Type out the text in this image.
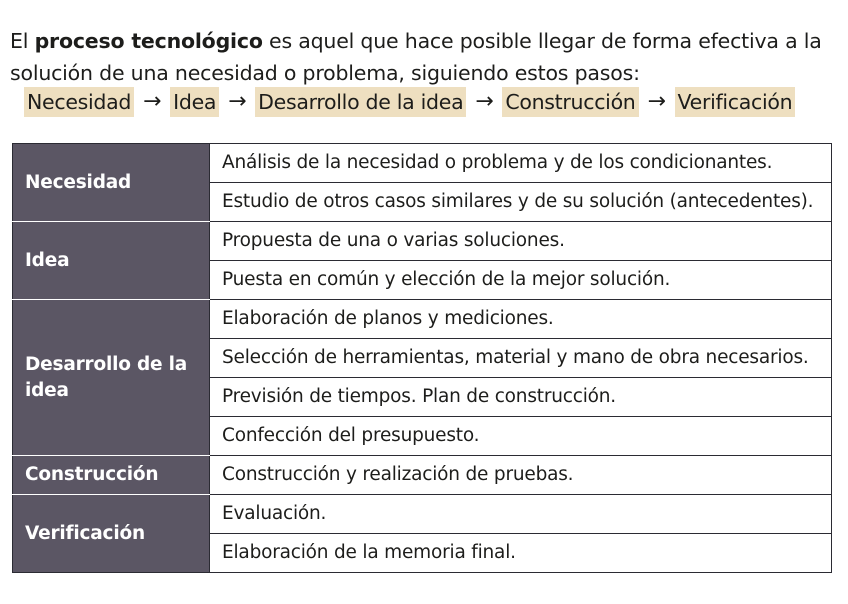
El proceso tecnológico es aquel que hace posible llegar de forma efectiva a la solución de una necesidad o problema, siguiendo estos pasos:

Necesidad → Idea → Desarrollo de la idea → Construcción → Verificación
Necesidad	Análisis de la necesidad o problema y de los condicionantes.
	Estudio de otros casos similares y de su solución (antecedentes).
Idea	Propuesta de una o varias soluciones.
	Puesta en común y elección de la mejor solución.
Desarrollo de la idea	Elaboración de planos y mediciones.
	Selección de herramientas, material y mano de obra necesarios.
	Previsión de tiempos. Plan de construcción.
	Confección del presupuesto.
Construcción	Construcción y realización de pruebas.
Verificación	Evaluación.
	Elaboración de la memoria final.
